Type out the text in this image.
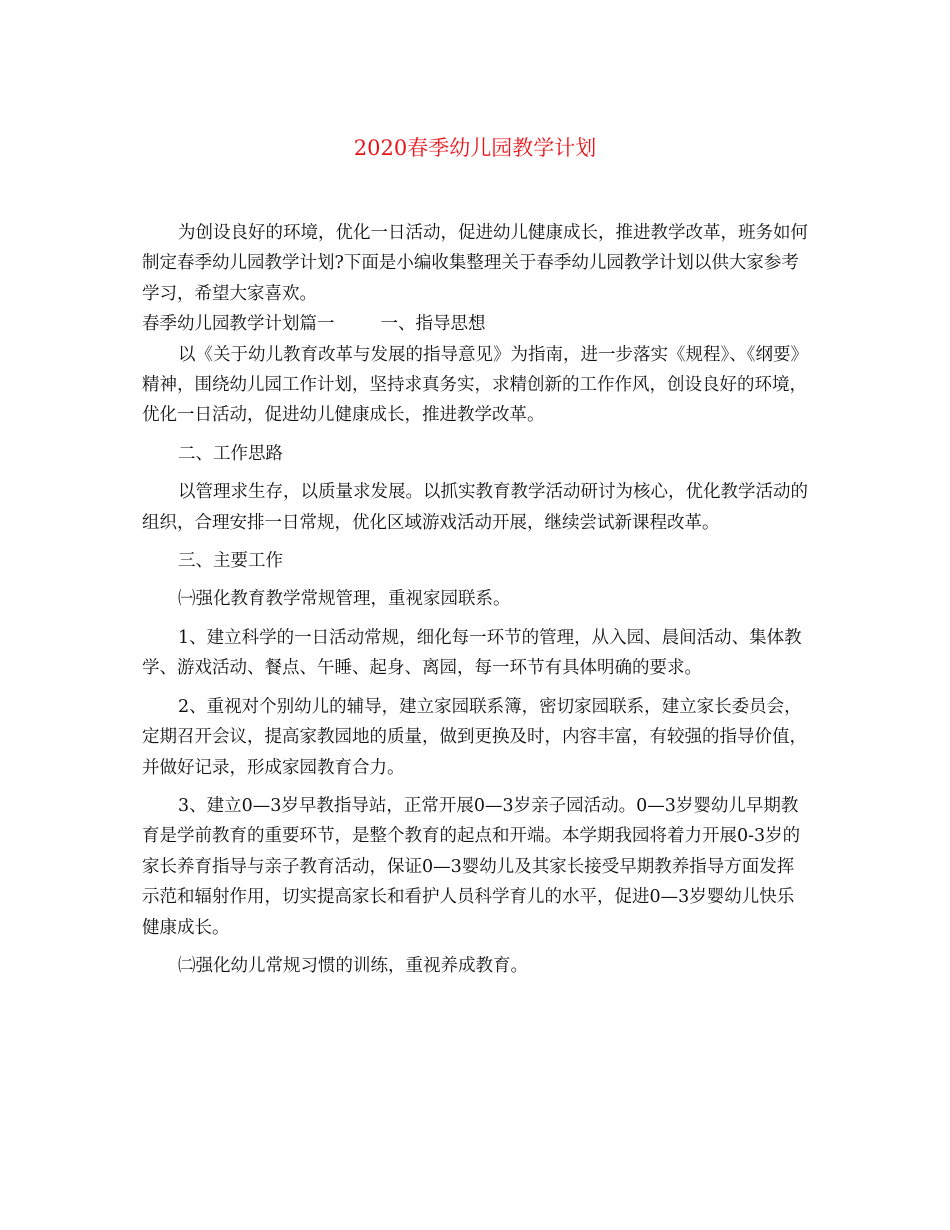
2020春季幼儿园教学计划

为创设良好的环境，优化一日活动，促进幼儿健康成长，推进教学改革，班务如何制定春季幼儿园教学计划?下面是小编收集整理关于春季幼儿园教学计划以供大家参考学习，希望大家喜欢。

春季幼儿园教学计划篇一	一、指导思想

以《关于幼儿教育改革与发展的指导意见》为指南，进一步落实《规程》、《纲要》精神，围绕幼儿园工作计划，坚持求真务实，求精创新的工作作风，创设良好的环境，优化一日活动，促进幼儿健康成长，推进教学改革。

二、工作思路

以管理求生存，以质量求发展。以抓实教育教学活动研讨为核心，优化教学活动的组织，合理安排一日常规，优化区域游戏活动开展，继续尝试新课程改革。

三、主要工作

㈠强化教育教学常规管理，重视家园联系。

1、建立科学的一日活动常规，细化每一环节的管理，从入园、晨间活动、集体教学、游戏活动、餐点、午睡、起身、离园，每一环节有具体明确的要求。

2、重视对个别幼儿的辅导，建立家园联系簿，密切家园联系，建立家长委员会，定期召开会议，提高家教园地的质量，做到更换及时，内容丰富，有较强的指导价值，并做好记录，形成家园教育合力。

3、建立0—3岁早教指导站，正常开展0—3岁亲子园活动。0—3岁婴幼儿早期教育是学前教育的重要环节，是整个教育的起点和开端。本学期我园将着力开展0-3岁的家长养育指导与亲子教育活动，保证0—3婴幼儿及其家长接受早期教养指导方面发挥示范和辐射作用，切实提高家长和看护人员科学育儿的水平，促进0—3岁婴幼儿快乐健康成长。

㈡强化幼儿常规习惯的训练，重视养成教育。
